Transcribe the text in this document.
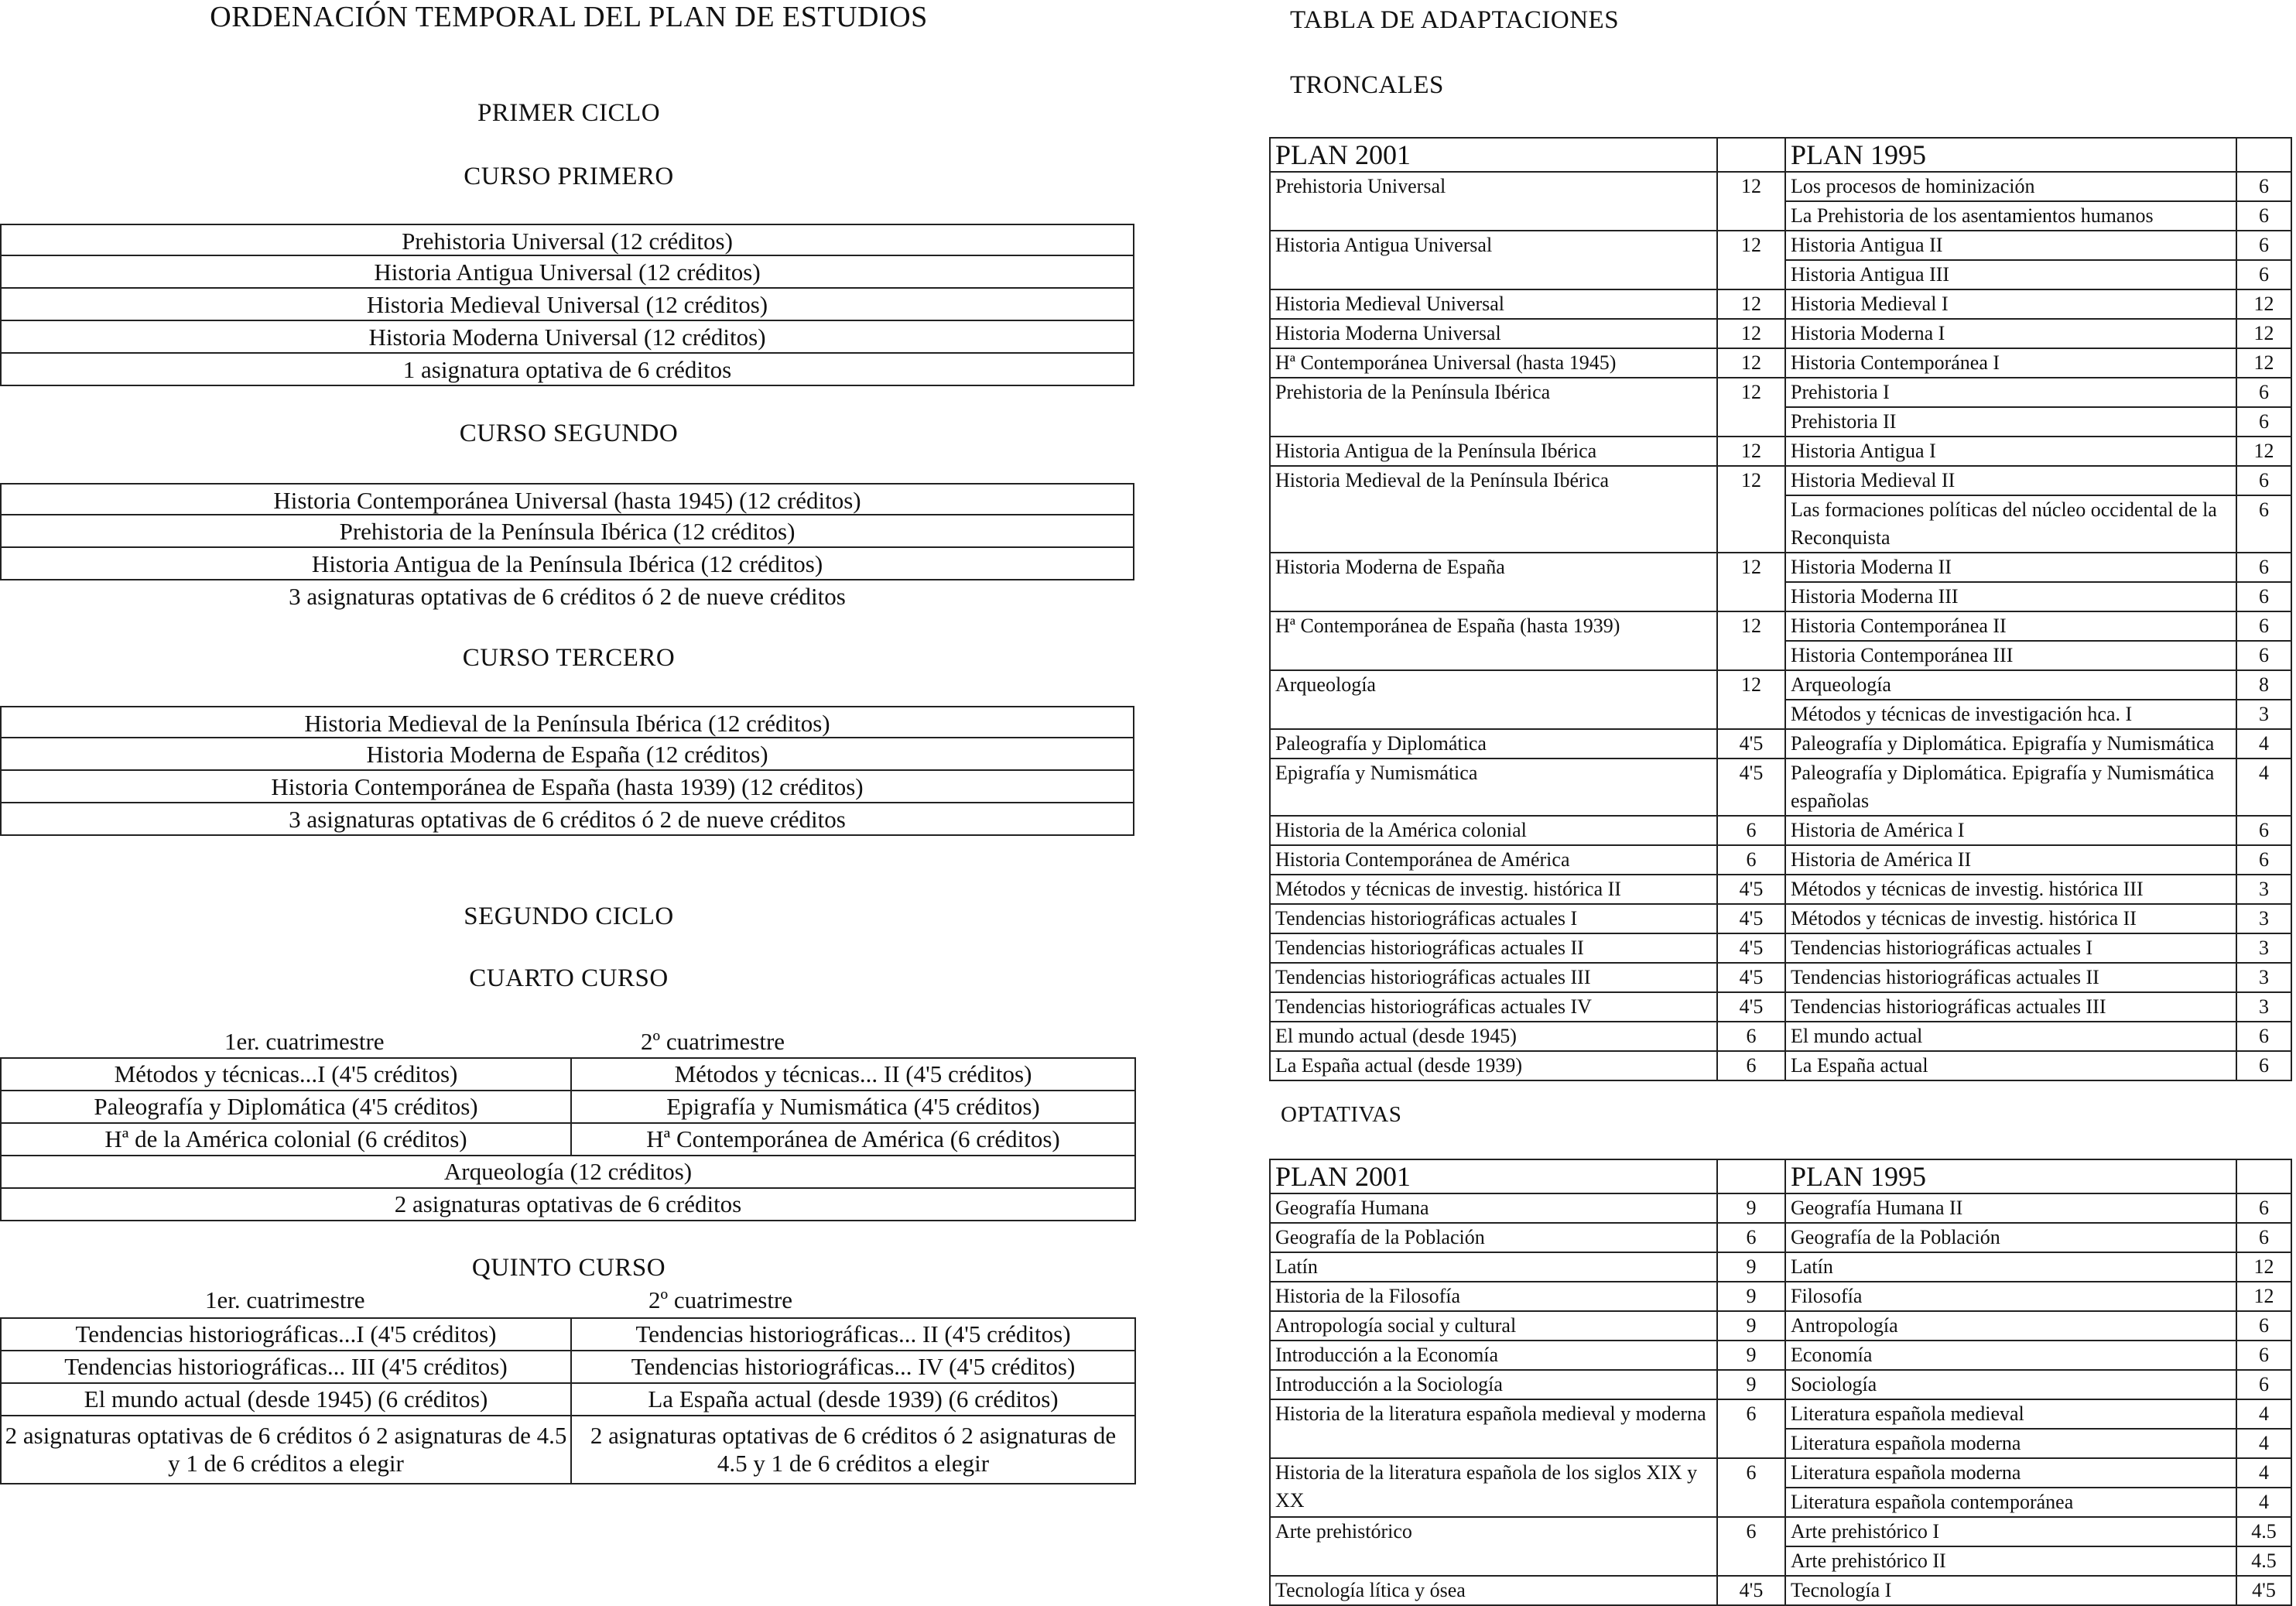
ORDENACIÓN TEMPORAL DEL PLAN DE ESTUDIOS
PRIMER CICLO
CURSO PRIMERO
Prehistoria Universal (12 créditos)
Historia Antigua Universal (12 créditos)
Historia Medieval Universal (12 créditos)
Historia Moderna Universal (12 créditos)
1 asignatura optativa de 6 créditos
CURSO SEGUNDO
Historia Contemporánea Universal (hasta 1945) (12 créditos)
Prehistoria de la Península Ibérica (12 créditos)
Historia Antigua de la Península Ibérica (12 créditos)
3 asignaturas optativas de 6 créditos ó 2 de nueve créditos
CURSO TERCERO
Historia Medieval de la Península Ibérica (12 créditos)
Historia Moderna de España (12 créditos)
Historia Contemporánea de España (hasta 1939) (12 créditos)
3 asignaturas optativas de 6 créditos ó 2 de nueve créditos
SEGUNDO CICLO
CUARTO CURSO
1er. cuatrimestre	2º cuatrimestre
Métodos y técnicas...I (4'5 créditos)	Métodos y técnicas... II (4'5 créditos)
Paleografía y Diplomática (4'5 créditos)	Epigrafía y Numismática (4'5 créditos)
Hª de la América colonial (6 créditos)	Hª Contemporánea de América (6 créditos)
Arqueología (12 créditos)	
2 asignaturas optativas de 6 créditos	
QUINTO CURSO
1er. cuatrimestre	2º cuatrimestre
Tendencias historiográficas...I (4'5 créditos)	Tendencias historiográficas... II (4'5 créditos)
Tendencias historiográficas... III (4'5 créditos)	Tendencias historiográficas... IV (4'5 créditos)
El mundo actual (desde 1945) (6 créditos)	La España actual (desde 1939) (6 créditos)
2 asignaturas optativas de 6 créditos ó 2 asignaturas de 4.5 y 1 de 6 créditos a elegir	2 asignaturas optativas de 6 créditos ó 2 asignaturas de 4.5 y 1 de 6 créditos a elegir
TABLA DE ADAPTACIONES
TRONCALES
PLAN 2001		PLAN 1995	
Prehistoria Universal	12	Los procesos de hominización	6
		La Prehistoria de los asentamientos humanos	6
Historia Antigua Universal	12	Historia Antigua II	6
		Historia Antigua III	6
Historia Medieval Universal	12	Historia Medieval I	12
Historia Moderna Universal	12	Historia Moderna I	12
Hª Contemporánea Universal (hasta 1945)	12	Historia Contemporánea I	12
Prehistoria de la Península Ibérica	12	Prehistoria I	6
		Prehistoria II	6
Historia Antigua de la Península Ibérica	12	Historia Antigua I	12
Historia Medieval de la Península Ibérica	12	Historia Medieval II	6
		Las formaciones políticas del núcleo occidental de la Reconquista	6
Historia Moderna de España	12	Historia Moderna II	6
		Historia Moderna III	6
Hª Contemporánea de España (hasta 1939)	12	Historia Contemporánea II	6
		Historia Contemporánea III	6
Arqueología	12	Arqueología	8
		Métodos y técnicas de investigación hca. I	3
Paleografía y Diplomática	4'5	Paleografía y Diplomática. Epigrafía y Numismática	4
Epigrafía y Numismática	4'5	Paleografía y Diplomática. Epigrafía y Numismática españolas	4
Historia de la América colonial	6	Historia de América I	6
Historia Contemporánea de América	6	Historia de América II	6
Métodos y técnicas de investig. histórica II	4'5	Métodos y técnicas de investig. histórica III	3
Tendencias historiográficas actuales I	4'5	Métodos y técnicas de investig. histórica II	3
Tendencias historiográficas actuales II	4'5	Tendencias historiográficas actuales I	3
Tendencias historiográficas actuales III	4'5	Tendencias historiográficas actuales II	3
Tendencias historiográficas actuales IV	4'5	Tendencias historiográficas actuales III	3
El mundo actual (desde 1945)	6	El mundo actual	6
La España actual (desde 1939)	6	La España actual	6
OPTATIVAS
PLAN 2001		PLAN 1995	
Geografía Humana	9	Geografía Humana II	6
Geografía de la Población	6	Geografía de la Población	6
Latín	9	Latín	12
Historia de la Filosofía	9	Filosofía	12
Antropología social y cultural	9	Antropología	6
Introducción a la Economía	9	Economía	6
Introducción a la Sociología	9	Sociología	6
Historia de la literatura española medieval y moderna	6	Literatura española medieval	4
		Literatura española moderna	4
Historia de la literatura española de los siglos XIX y XX	6	Literatura española moderna	4
		Literatura española contemporánea	4
Arte prehistórico	6	Arte prehistórico I	4.5
		Arte prehistórico II	4.5
Tecnología lítica y ósea	4'5	Tecnología I	4'5
